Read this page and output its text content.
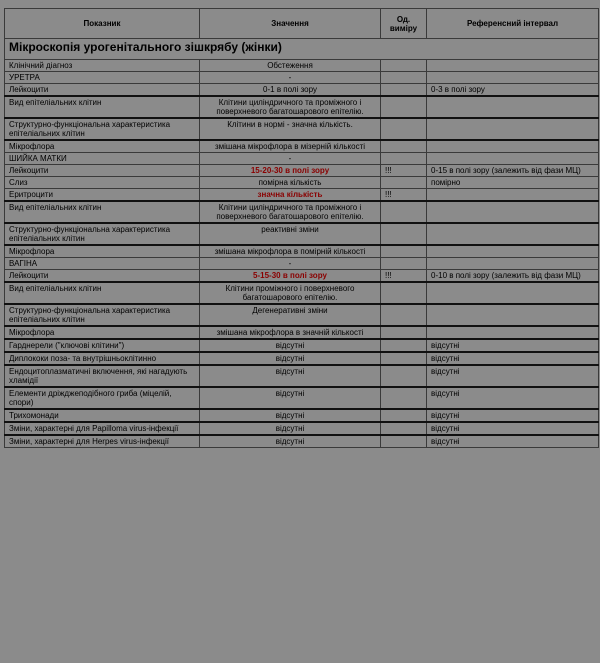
Показник	Значення	Од. виміру	Референсний інтервал
Мікроскопія урогенітального зішкрябу (жінки)			
Клінічний діагноз	Обстеження		
УРЕТРА	-		
Лейкоцити	0-1 в полі зору		0-3 в полі зору
Вид епітеліальних клітин	Клітини циліндричного та проміжного і поверхневого багатошарового епітелію.		
Структурно-функціональна характеристика епітеліальних клітин	Клітини в нормі - значна кількість.		
Мікрофлора	змішана мікрофлора в мізерній кількості		
ШИЙКА МАТКИ	-		
Лейкоцити	15-20-30 в полі зору	!!!	0-15 в полі зору (залежить від фази МЦ)
Слиз	помірна кількість		помірно
Еритроцити	значна кількість	!!!	
Вид епітеліальних клітин	Клітини циліндричного та проміжного і поверхневого багатошарового епітелію.		
Структурно-функціональна характеристика епітеліальних клітин	реактивні зміни		
Мікрофлора	змішана мікрофлора в помірній кількості		
ВАГІНА	-		
Лейкоцити	5-15-30 в полі зору	!!!	0-10 в полі зору (залежить від фази МЦ)
Вид епітеліальних клітин	Клітини проміжного і поверхневого багатошарового епітелію.		
Структурно-функціональна характеристика епітеліальних клітин	Дегенеративні зміни		
Мікрофлора	змішана мікрофлора в значній кількості		
Гарднерели ("ключові клітини")	відсутні		відсутні
Диплококи поза- та внутрішньоклітинно	відсутні		відсутні
Ендоцитоплазматичні включення, які нагадують хламідії	відсутні		відсутні
Елементи дріжджеподібного гриба (міцелій, спори)	відсутні		відсутні
Трихомонади	відсутні		відсутні
Зміни, характерні для Papilloma virus-інфекції	відсутні		відсутні
Зміни, характерні для Herpes virus-інфекції	відсутні		відсутні
